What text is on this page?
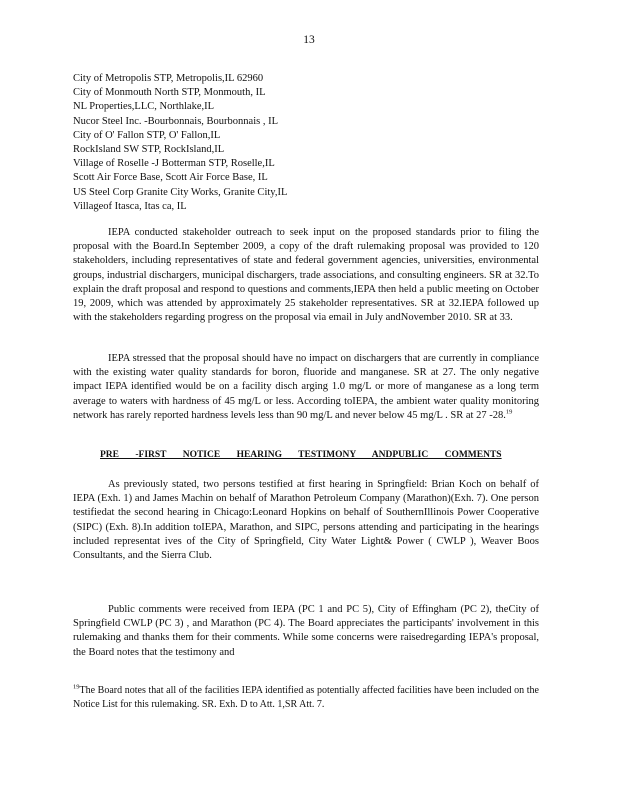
13
City of Metropolis STP, Metropolis,IL 62960
City of Monmouth North STP, Monmouth, IL
NL Properties,LLC, Northlake,IL
Nucor Steel Inc. -Bourbonnais, Bourbonnais , IL
City of O' Fallon STP, O' Fallon,IL
RockIsland SW STP, RockIsland,IL
Village of Roselle -J Botterman STP, Roselle,IL
Scott Air Force Base, Scott Air Force Base, IL
US Steel Corp Granite City Works, Granite City,IL
Villageof Itasca, Itas ca, IL

IEPA conducted stakeholder outreach to seek input on the proposed standards prior to filing the proposal with the Board.In September 2009, a copy of the draft rulemaking proposal was provided to 120 stakeholders, including representatives of state and federal government agencies, universities, environmental groups, industrial dischargers, municipal dischargers, trade associations, and consulting engineers. SR at 32.To explain the draft proposal and respond to questions and comments,IEPA then held a public meeting on October 19, 2009, which was attended by approximately 25 stakeholder representatives. SR at 32.IEPA followed up with the stakeholders regarding progress on the proposal via email in July andNovember 2010. SR at 33.

IEPA stressed that the proposal should have no impact on dischargers that are currently in compliance with the existing water quality standards for boron, fluoride and manganese. SR at 27. The only negative impact IEPA identified would be on a facility disch arging 1.0 mg/L or more of manganese as a long term average to waters with hardness of 45 mg/L or less. According toIEPA, the ambient water quality monitoring network has rarely reported hardness levels less than 90 mg/L and never below 45 mg/L . SR at 27 -28.19

PRE -FIRST NOTICE HEARING TESTIMONY ANDPUBLIC COMMENTS

As previously stated, two persons testified at first hearing in Springfield: Brian Koch on behalf of IEPA (Exh. 1) and James Machin on behalf of Marathon Petroleum Company (Marathon)(Exh. 7). One person testifiedat the second hearing in Chicago:Leonard Hopkins on behalf of SouthernIllinois Power Cooperative (SIPC) (Exh. 8).In addition toIEPA, Marathon, and SIPC, persons attending and participating in the hearings included representat ives of the City of Springfield, City Water Light& Power ( CWLP ), Weaver Boos Consultants, and the Sierra Club.

Public comments were received from IEPA (PC 1 and PC 5), City of Effingham (PC 2), theCity of Springfield CWLP (PC 3) , and Marathon (PC 4). The Board appreciates the participants' involvement in this rulemaking and thanks them for their comments. While some concerns were raisedregarding IEPA's proposal, the Board notes that the testimony and

$^{19}$The Board notes that all of the facilities IEPA identified as potentially affected facilities have been included on the Notice List for this rulemaking. SR. Exh. D to Att. 1,SR Att. 7.
